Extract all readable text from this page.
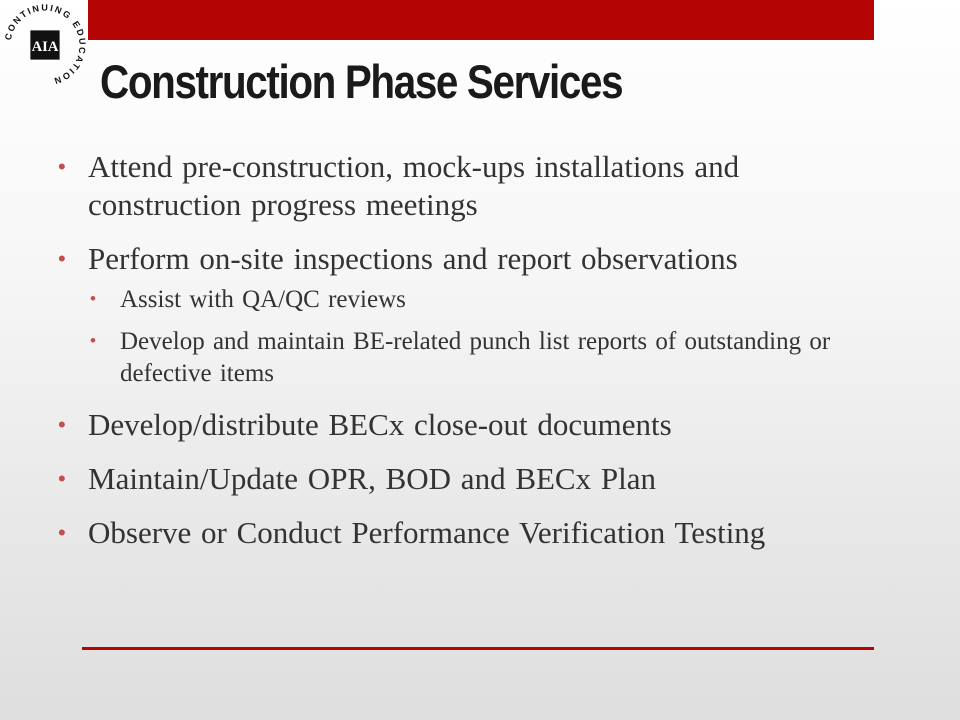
CONTINUING EDUCATION
AIA
Construction Phase Services
• Attend pre-construction, mock-ups installations and construction progress meetings
• Perform on-site inspections and report observations
• Assist with QA/QC reviews
• Develop and maintain BE-related punch list reports of outstanding or defective items
• Develop/distribute BECx close-out documents
• Maintain/Update OPR, BOD and BECx Plan
• Observe or Conduct Performance Verification Testing
